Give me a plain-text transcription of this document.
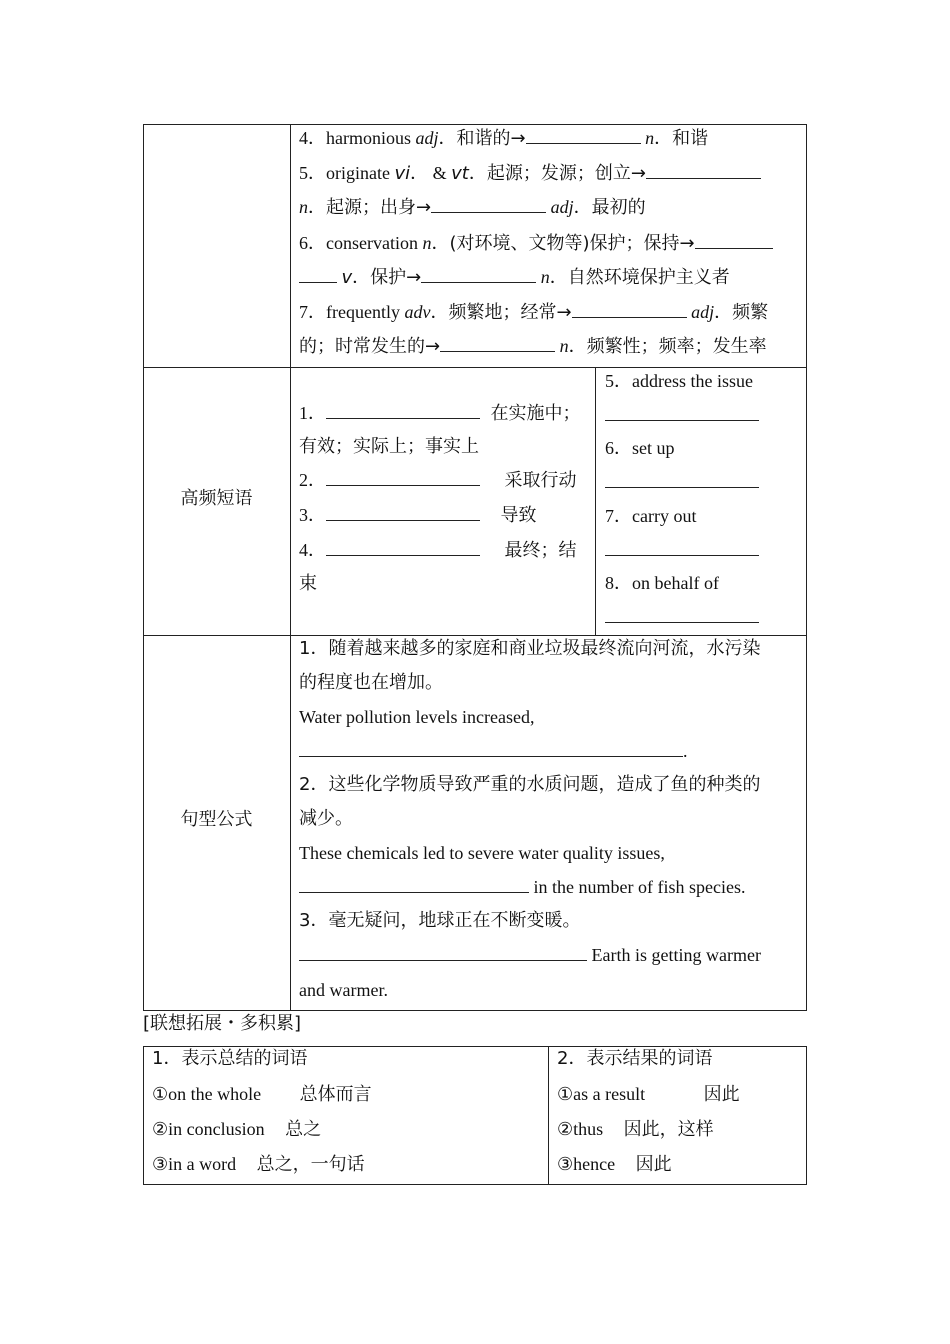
4．harmonious adj．和谐的→	n．和谐
5．originate vi． & vt．起源；发源；创立→
n．起源；出身→	adj．最初的
6．conservation n．(对环境、文物等)保护；保持→
v．保护→	n．自然环境保护主义者
7．frequently adv．频繁地；经常→	adj．频繁
的；时常发生的→	n．频繁性；频率；发生率
高频短语
1．	在实施中；
有效；实际上；事实上
2．	采取行动
3．	导致
4．	最终；结
束
5．address the issue
6．set up
7．carry out
8．on behalf of
句型公式
1．随着越来越多的家庭和商业垃圾最终流向河流，水污染
的程度也在增加。
Water pollution levels increased,
.
2．这些化学物质导致严重的水质问题，造成了鱼的种类的
减少。
These chemicals led to severe water quality issues,
in the number of fish species.
3．毫无疑问，地球正在不断变暖。
Earth is getting warmer
and warmer.
[联想拓展・多积累]
1．表示总结的词语
①on the whole 总体而言
②in conclusion 总之
③in a word 总之，一句话
2．表示结果的词语
①as a result	因此
②thus 因此，这样
③hence 因此
